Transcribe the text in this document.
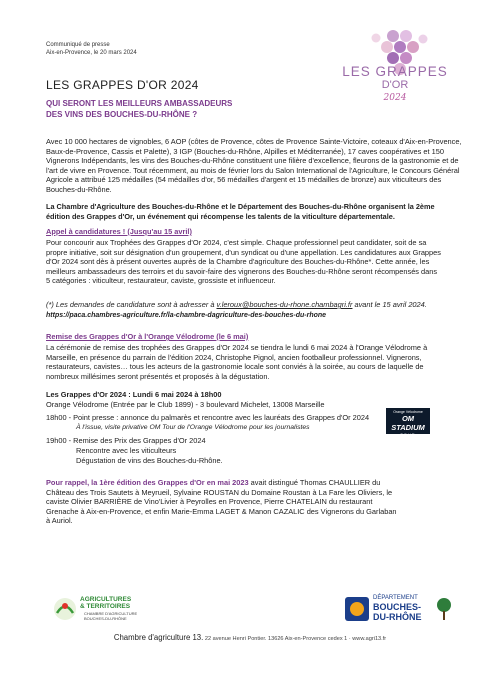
Communiqué de presse
Aix-en-Provence, le 20 mars 2024
LES GRAPPES D'OR 2024
QUI SERONT LES MEILLEURS AMBASSADEURS
DES VINS DES BOUCHES-DU-RHÔNE ?
LES GRAPPES
D'OR
2024

Avec 10 000 hectares de vignobles, 6 AOP (côtes de Provence, côtes de Provence Sainte-Victoire, coteaux d'Aix-en-Provence,

Baux-de-Provence, Cassis et Palette), 3 IGP (Bouches-du-Rhône, Alpilles et Méditerranée), 17 caves coopératives et 150

Vignerons Indépendants, les vins des Bouches-du-Rhône constituent une filière d'excellence, fleurons de la gastronomie et de

l'art de vivre en Provence. Tout récemment, au mois de février lors du Salon International de l'Agriculture, le Concours Général

Agricole a attribué 125 médailles (54 médailles d'or, 56 médailles d'argent et 15 médailles de bronze) aux viticulteurs des

Bouches-du-Rhône.

La Chambre d'Agriculture des Bouches-du-Rhône et le Département des Bouches-du-Rhône organisent la 2ème

édition des Grappes d'Or, un événement qui récompense les talents de la viticulture départementale.

Appel à candidatures ! (Jusqu'au 15 avril)

Pour concourir aux Trophées des Grappes d'Or 2024, c'est simple. Chaque professionnel peut candidater, soit de sa

propre initiative, soit sur désignation d'un groupement, d'un syndicat ou d'une appellation. Les candidatures aux Grappes

d'Or 2024 sont dès à présent ouvertes auprès de la Chambre d'agriculture des Bouches-du-Rhône*. Cette année, les

meilleurs ambassadeurs des terroirs et du savoir-faire des vignerons des Bouches-du-Rhône seront récompensés dans

5 catégories : viticulteur, restaurateur, caviste, grossiste et influenceur.

(*) Les demandes de candidature sont à adresser à v.leroux@bouches-du-rhone.chambagri.fr avant le 15 avril 2024.
https://paca.chambres-agriculture.fr/la-chambre-dagriculture-des-bouches-du-rhone
Remise des Grappes d'Or à l'Orange Vélodrome (le 6 mai)

La cérémonie de remise des trophées des Grappes d'Or 2024 se tiendra le lundi 6 mai 2024 à l'Orange Vélodrome à

Marseille, en présence du parrain de l'édition 2024, Christophe Pignol, ancien footballeur professionnel. Vignerons,

restaurateurs, cavistes… tous les acteurs de la gastronomie locale sont conviés à la soirée, au cours de laquelle de

nombreux millésimes seront présentés et proposés à la dégustation.

Les Grappes d'Or 2024 : Lundi 6 mai 2024 à 18h00
Orange Vélodrome (Entrée par le Club 1899) - 3 boulevard Michelet, 13008 Marseille
18h00 - Point presse : annonce du palmarès et rencontre avec les lauréats des Grappes d'Or 2024
À l'issue, visite privative OM Tour de l'Orange Vélodrome pour les journalistes
19h00 - Remise des Prix des Grappes d'Or 2024
Rencontre avec les viticulteurs
Dégustation de vins des Bouches-du-Rhône.
Orange Vélodrome
OM STADIUM
TOUR

Pour rappel, la 1ère édition des Grappes d'Or en mai 2023 avait distingué Thomas CHAULLIER du

Château des Trois Sautets à Meyrueil, Sylvaine ROUSTAN du Domaine Roustan à La Fare les Oliviers, le

caviste Olivier BARRIÈRE de Vino'Livier à Peyrolles en Provence, Pierre CHATELAIN du restaurant

Grenache à Aix-en-Provence, et enfin Marie-Emma LAGET & Manon CAZALIC des Vignerons du Garlaban

à Auriol.

AGRICULTURES
& TERRITOIRES
CHAMBRE D'AGRICULTURE
BOUCHES-DU-RHÔNE
DÉPARTEMENT
BOUCHES-
DU-RHÔNE
Chambre d'agriculture 13. 22 avenue Henri Pontier. 13626 Aix-en-Provence cedex 1 · www.agri13.fr
